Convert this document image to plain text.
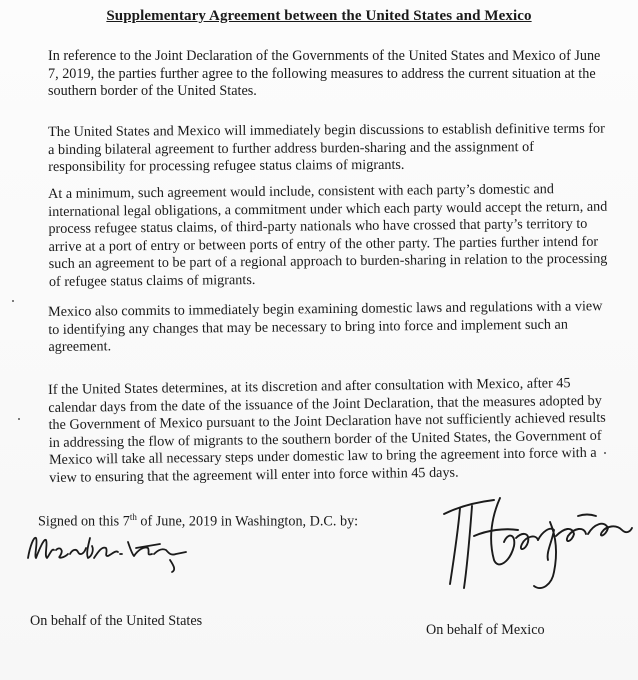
Supplementary Agreement between the United States and Mexico

In reference to the Joint Declaration of the Governments of the United States and Mexico of June 7, 2019, the parties further agree to the following measures to address the current situation at the southern border of the United States.

The United States and Mexico will immediately begin discussions to establish definitive terms for a binding bilateral agreement to further address burden-sharing and the assignment of responsibility for processing refugee status claims of migrants.

At a minimum, such agreement would include, consistent with each party’s domestic and international legal obligations, a commitment under which each party would accept the return, and process refugee status claims, of third-party nationals who have crossed that party’s territory to arrive at a port of entry or between ports of entry of the other party. The parties further intend for such an agreement to be part of a regional approach to burden-sharing in relation to the processing of refugee status claims of migrants.

Mexico also commits to immediately begin examining domestic laws and regulations with a view to identifying any changes that may be necessary to bring into force and implement such an agreement.

If the United States determines, at its discretion and after consultation with Mexico, after 45 calendar days from the date of the issuance of the Joint Declaration, that the measures adopted by the Government of Mexico pursuant to the Joint Declaration have not sufficiently achieved results in addressing the flow of migrants to the southern border of the United States, the Government of Mexico will take all necessary steps under domestic law to bring the agreement into force with a view to ensuring that the agreement will enter into force within 45 days.

Signed on this 7th of June, 2019 in Washington, D.C. by:
On behalf of the United States
On behalf of Mexico
